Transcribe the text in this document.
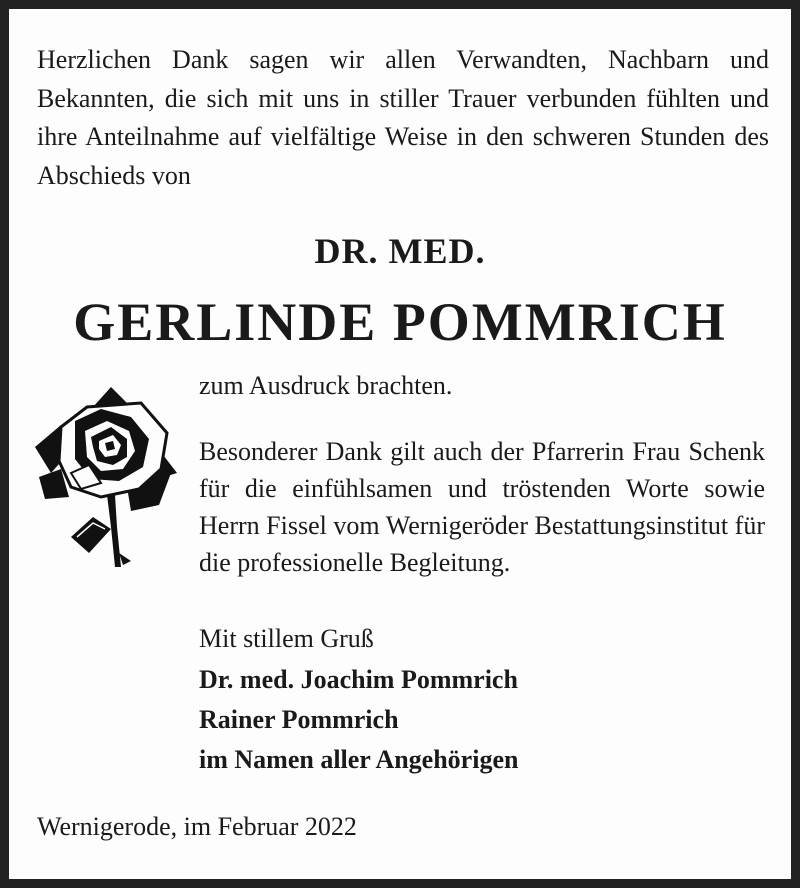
Herzlichen Dank sagen wir allen Verwandten, Nachbarn und Bekannten, die sich mit uns in stiller Trauer verbunden fühlten und ihre Anteilnahme auf vielfältige Weise in den schweren Stunden des Abschieds von

DR. MED.

GERLINDE POMMRICH

zum Ausdruck brachten.

Besonderer Dank gilt auch der Pfarrerin Frau Schenk für die einfühlsamen und tröstenden Worte sowie Herrn Fissel vom Wernigeröder Bestattungsinstitut für die professionelle Begleitung.

Mit stillem Gruß

Dr. med. Joachim Pommrich

Rainer Pommrich

im Namen aller Angehörigen

Wernigerode, im Februar 2022
